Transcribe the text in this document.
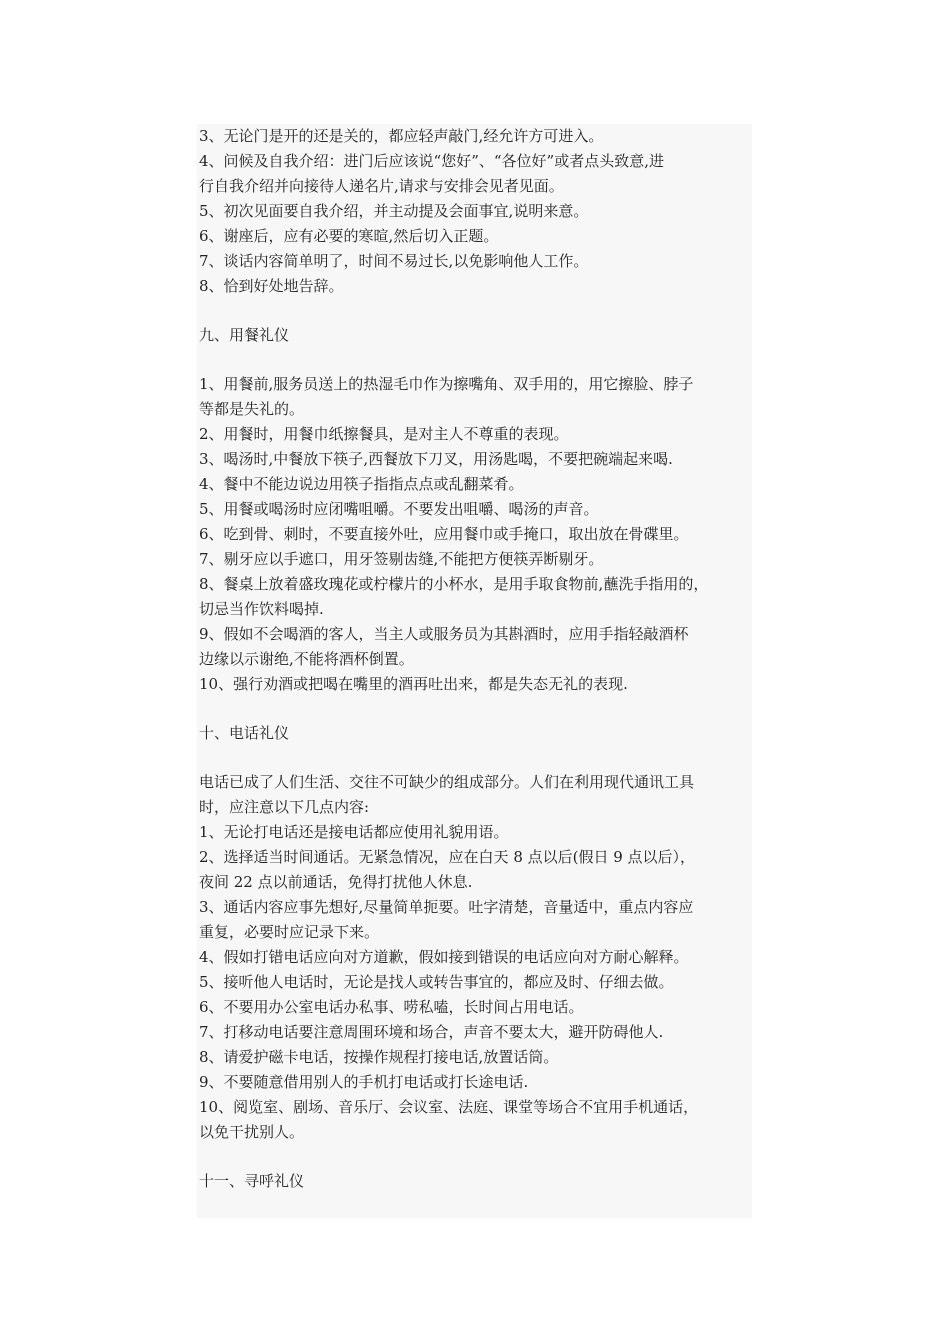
3、无论门是开的还是关的，都应轻声敲门,经允许方可进入。
4、问候及自我介绍：进门后应该说“您好”、“各位好”或者点头致意,进
行自我介绍并向接待人递名片,请求与安排会见者见面。
5、初次见面要自我介绍，并主动提及会面事宜,说明来意。
6、谢座后，应有必要的寒暄,然后切入正题。
7、谈话内容简单明了，时间不易过长,以免影响他人工作。
8、恰到好处地告辞。
九、用餐礼仪
1、用餐前,服务员送上的热湿毛巾作为擦嘴角、双手用的，用它擦脸、脖子
等都是失礼的。
2、用餐时，用餐巾纸擦餐具，是对主人不尊重的表现。
3、喝汤时,中餐放下筷子,西餐放下刀叉，用汤匙喝，不要把碗端起来喝.
4、餐中不能边说边用筷子指指点点或乱翻菜肴。
5、用餐或喝汤时应闭嘴咀嚼。不要发出咀嚼、喝汤的声音。
6、吃到骨、刺时，不要直接外吐，应用餐巾或手掩口，取出放在骨碟里。
7、剔牙应以手遮口，用牙签剔齿缝,不能把方便筷弄断剔牙。
8、餐桌上放着盛玫瑰花或柠檬片的小杯水，是用手取食物前,蘸洗手指用的，
切忌当作饮料喝掉.
9、假如不会喝酒的客人，当主人或服务员为其斟酒时，应用手指轻敲酒杯
边缘以示谢绝,不能将酒杯倒置。
10、强行劝酒或把喝在嘴里的酒再吐出来，都是失态无礼的表现.
十、电话礼仪
电话已成了人们生活、交往不可缺少的组成部分。人们在利用现代通讯工具
时，应注意以下几点内容:
1、无论打电话还是接电话都应使用礼貌用语。
2、选择适当时间通话。无紧急情况，应在白天 8 点以后(假日 9 点以后），
夜间 22 点以前通话，免得打扰他人休息.
3、通话内容应事先想好,尽量简单扼要。吐字清楚，音量适中，重点内容应
重复，必要时应记录下来。
4、假如打错电话应向对方道歉，假如接到错误的电话应向对方耐心解释。
5、接听他人电话时，无论是找人或转告事宜的，都应及时、仔细去做。
6、不要用办公室电话办私事、唠私嗑，长时间占用电话。
7、打移动电话要注意周围环境和场合，声音不要太大，避开防碍他人.
8、请爱护磁卡电话，按操作规程打接电话,放置话筒。
9、不要随意借用别人的手机打电话或打长途电话.
10、阅览室、剧场、音乐厅、会议室、法庭、课堂等场合不宜用手机通话，
以免干扰别人。
十一、寻呼礼仪
